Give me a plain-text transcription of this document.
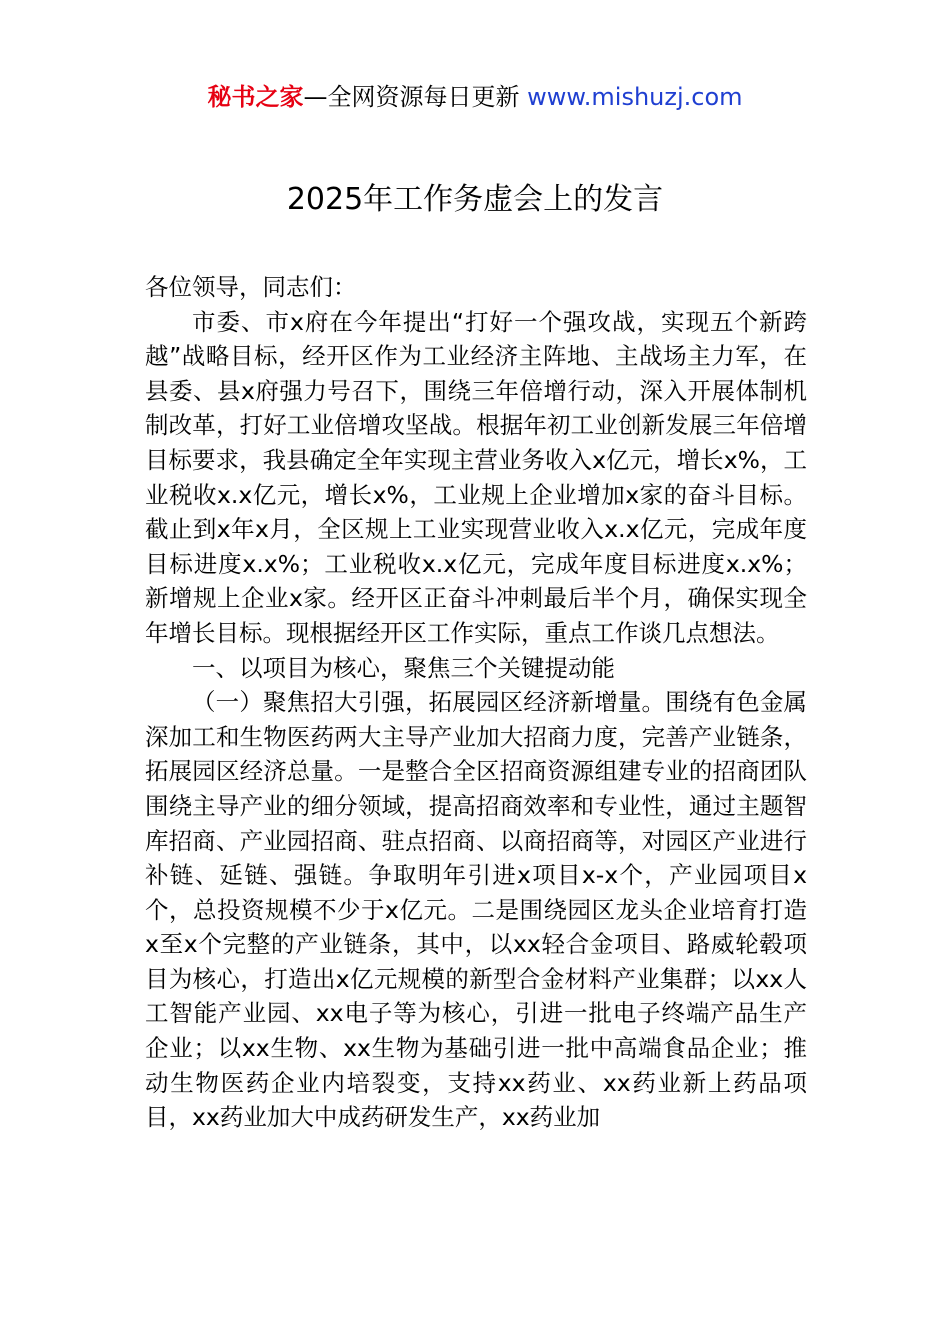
秘书之家—全网资源每日更新 www.mishuzj.com
2025年工作务虚会上的发言

各位领导，同志们：

市委、市x府在今年提出“打好一个强攻战，实现五个新跨越”战略目标，经开区作为工业经济主阵地、主战场主力军，在县委、县x府强力号召下，围绕三年倍增行动，深入开展体制机制改革，打好工业倍增攻坚战。根据年初工业创新发展三年倍增目标要求，我县确定全年实现主营业务收入x亿元，增长x%，工业税收x.x亿元，增长x%，工业规上企业增加x家的奋斗目标。截止到x年x月，全区规上工业实现营业收入x.x亿元，完成年度目标进度x.x%；工业税收x.x亿元，完成年度目标进度x.x%；新增规上企业x家。经开区正奋斗冲刺最后半个月，确保实现全年增长目标。现根据经开区工作实际，重点工作谈几点想法。

一、以项目为核心，聚焦三个关键提动能

（一）聚焦招大引强，拓展园区经济新增量。围绕有色金属深加工和生物医药两大主导产业加大招商力度，完善产业链条，拓展园区经济总量。一是整合全区招商资源组建专业的招商团队围绕主导产业的细分领域，提高招商效率和专业性，通过主题智库招商、产业园招商、驻点招商、以商招商等，对园区产业进行补链、延链、强链。争取明年引进x项目x-x个，产业园项目x个，总投资规模不少于x亿元。二是围绕园区龙头企业培育打造x至x个完整的产业链条，其中，以xx轻合金项目、路威轮毂项目为核心，打造出x亿元规模的新型合金材料产业集群；以xx人工智能产业园、xx电子等为核心，引进一批电子终端产品生产企业；以xx生物、xx生物为基础引进一批中高端食品企业；推动生物医药企业内培裂变，支持xx药业、xx药业新上药品项目，xx药业加大中成药研发生产，xx药业加
